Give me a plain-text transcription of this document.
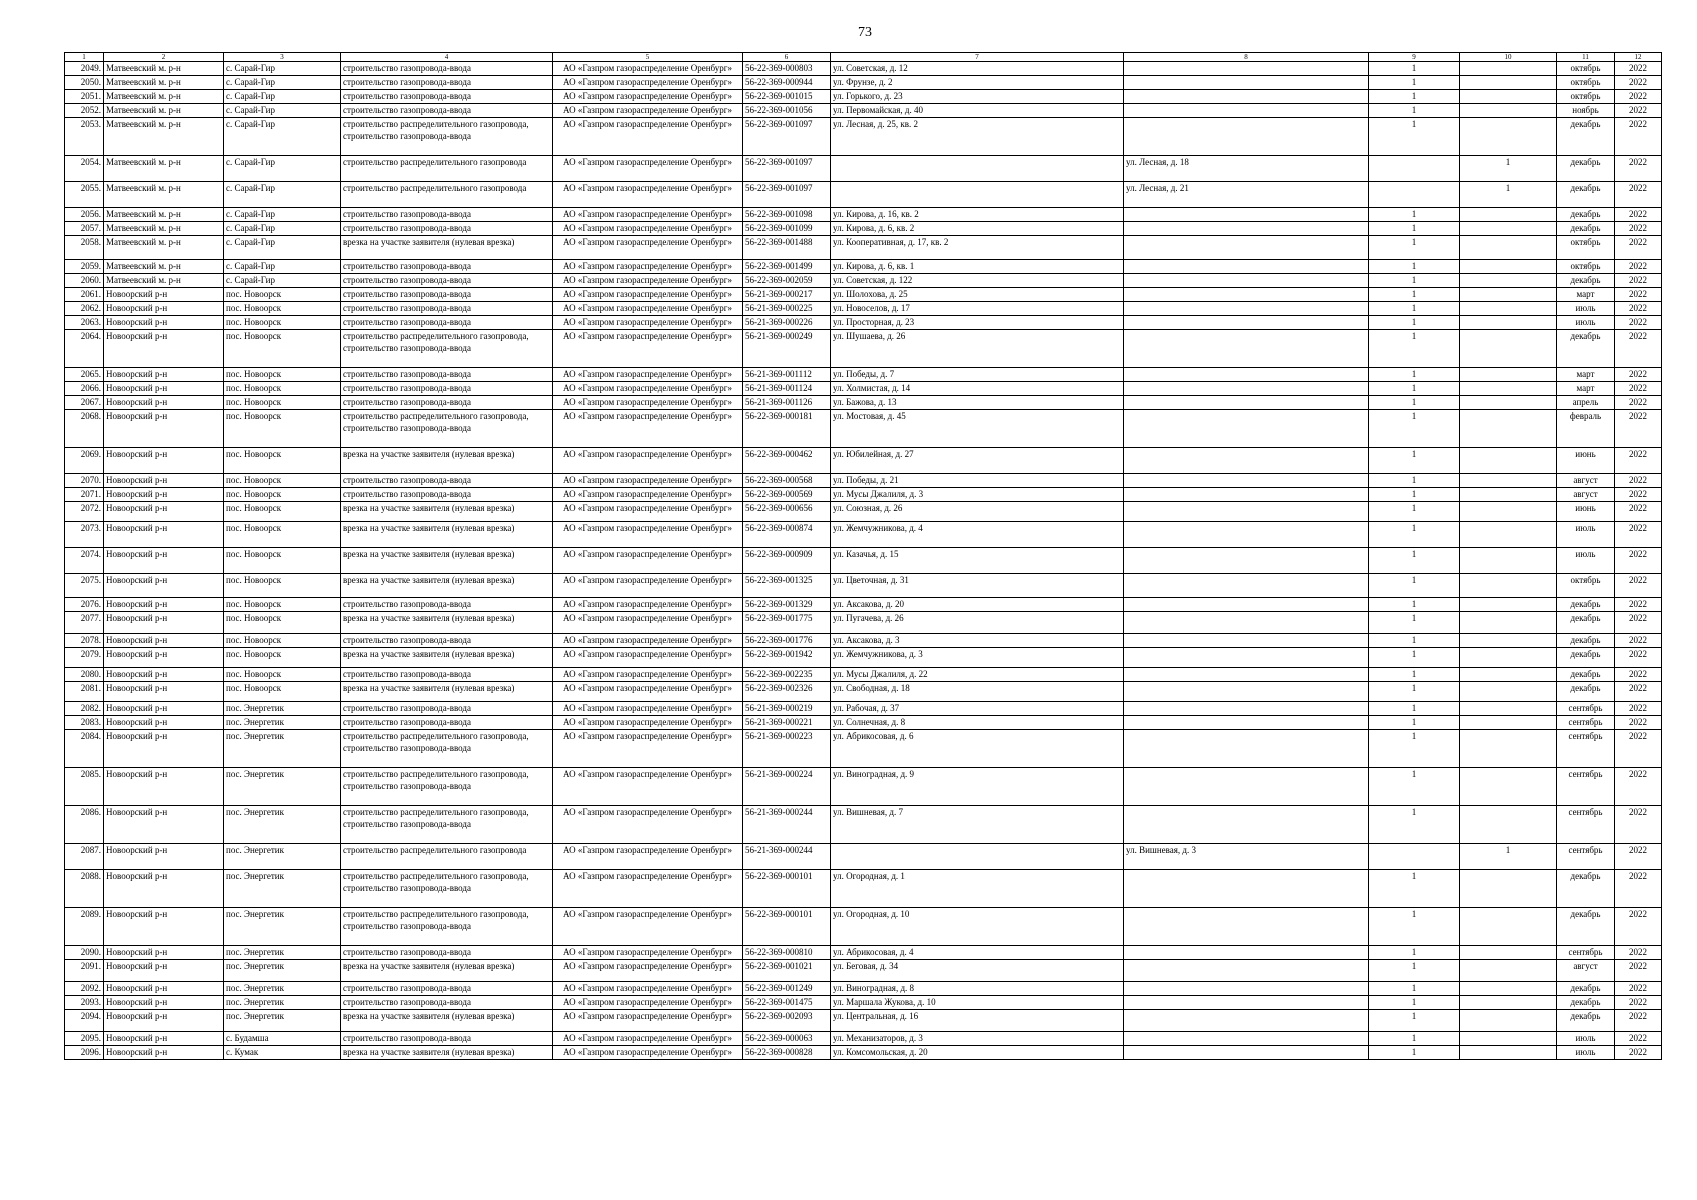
73
1	2	3	4	5	6	7	8	9	10	11	12
2049.	Матвеевский м. р-н	с. Сарай-Гир	строительство газопровода-ввода	АО «Газпром газораспределение Оренбург»	56-22-369-000803	ул. Советская, д. 12		1		октябрь	2022
2050.	Матвеевский м. р-н	с. Сарай-Гир	строительство газопровода-ввода	АО «Газпром газораспределение Оренбург»	56-22-369-000944	ул. Фрунзе, д. 2		1		октябрь	2022
2051.	Матвеевский м. р-н	с. Сарай-Гир	строительство газопровода-ввода	АО «Газпром газораспределение Оренбург»	56-22-369-001015	ул. Горького, д. 23		1		октябрь	2022
2052.	Матвеевский м. р-н	с. Сарай-Гир	строительство газопровода-ввода	АО «Газпром газораспределение Оренбург»	56-22-369-001056	ул. Первомайская, д. 40		1		ноябрь	2022
2053.	Матвеевский м. р-н	с. Сарай-Гир	строительство распределительного газопровода, строительство газопровода-ввода	АО «Газпром газораспределение Оренбург»	56-22-369-001097	ул. Лесная, д. 25, кв. 2		1		декабрь	2022
2054.	Матвеевский м. р-н	с. Сарай-Гир	строительство распределительного газопровода	АО «Газпром газораспределение Оренбург»	56-22-369-001097		ул. Лесная, д. 18		1	декабрь	2022
2055.	Матвеевский м. р-н	с. Сарай-Гир	строительство распределительного газопровода	АО «Газпром газораспределение Оренбург»	56-22-369-001097		ул. Лесная, д. 21		1	декабрь	2022
2056.	Матвеевский м. р-н	с. Сарай-Гир	строительство газопровода-ввода	АО «Газпром газораспределение Оренбург»	56-22-369-001098	ул. Кирова, д. 16, кв. 2		1		декабрь	2022
2057.	Матвеевский м. р-н	с. Сарай-Гир	строительство газопровода-ввода	АО «Газпром газораспределение Оренбург»	56-22-369-001099	ул. Кирова, д. 6, кв. 2		1		декабрь	2022
2058.	Матвеевский м. р-н	с. Сарай-Гир	врезка на участке заявителя (нулевая врезка)	АО «Газпром газораспределение Оренбург»	56-22-369-001488	ул. Кооперативная, д. 17, кв. 2		1		октябрь	2022
2059.	Матвеевский м. р-н	с. Сарай-Гир	строительство газопровода-ввода	АО «Газпром газораспределение Оренбург»	56-22-369-001499	ул. Кирова, д. 6, кв. 1		1		октябрь	2022
2060.	Матвеевский м. р-н	с. Сарай-Гир	строительство газопровода-ввода	АО «Газпром газораспределение Оренбург»	56-22-369-002059	ул. Советская, д. 122		1		декабрь	2022
2061.	Новоорский р-н	пос. Новоорск	строительство газопровода-ввода	АО «Газпром газораспределение Оренбург»	56-21-369-000217	ул. Шолохова, д. 25		1		март	2022
2062.	Новоорский р-н	пос. Новоорск	строительство газопровода-ввода	АО «Газпром газораспределение Оренбург»	56-21-369-000225	ул. Новоселов, д. 17		1		июль	2022
2063.	Новоорский р-н	пос. Новоорск	строительство газопровода-ввода	АО «Газпром газораспределение Оренбург»	56-21-369-000226	ул. Просторная, д. 23		1		июль	2022
2064.	Новоорский р-н	пос. Новоорск	строительство распределительного газопровода, строительство газопровода-ввода	АО «Газпром газораспределение Оренбург»	56-21-369-000249	ул. Шушаева, д. 26		1		декабрь	2022
2065.	Новоорский р-н	пос. Новоорск	строительство газопровода-ввода	АО «Газпром газораспределение Оренбург»	56-21-369-001112	ул. Победы, д. 7		1		март	2022
2066.	Новоорский р-н	пос. Новоорск	строительство газопровода-ввода	АО «Газпром газораспределение Оренбург»	56-21-369-001124	ул. Холмистая, д. 14		1		март	2022
2067.	Новоорский р-н	пос. Новоорск	строительство газопровода-ввода	АО «Газпром газораспределение Оренбург»	56-21-369-001126	ул. Бажова, д. 13		1		апрель	2022
2068.	Новоорский р-н	пос. Новоорск	строительство распределительного газопровода, строительство газопровода-ввода	АО «Газпром газораспределение Оренбург»	56-22-369-000181	ул. Мостовая, д. 45		1		февраль	2022
2069.	Новоорский р-н	пос. Новоорск	врезка на участке заявителя (нулевая врезка)	АО «Газпром газораспределение Оренбург»	56-22-369-000462	ул. Юбилейная, д. 27		1		июнь	2022
2070.	Новоорский р-н	пос. Новоорск	строительство газопровода-ввода	АО «Газпром газораспределение Оренбург»	56-22-369-000568	ул. Победы, д. 21		1		август	2022
2071.	Новоорский р-н	пос. Новоорск	строительство газопровода-ввода	АО «Газпром газораспределение Оренбург»	56-22-369-000569	ул. Мусы Джалиля, д. 3		1		август	2022
2072.	Новоорский р-н	пос. Новоорск	врезка на участке заявителя (нулевая врезка)	АО «Газпром газораспределение Оренбург»	56-22-369-000656	ул. Союзная, д. 26		1		июнь	2022
2073.	Новоорский р-н	пос. Новоорск	врезка на участке заявителя (нулевая врезка)	АО «Газпром газораспределение Оренбург»	56-22-369-000874	ул. Жемчужникова, д. 4		1		июль	2022
2074.	Новоорский р-н	пос. Новоорск	врезка на участке заявителя (нулевая врезка)	АО «Газпром газораспределение Оренбург»	56-22-369-000909	ул. Казачья, д. 15		1		июль	2022
2075.	Новоорский р-н	пос. Новоорск	врезка на участке заявителя (нулевая врезка)	АО «Газпром газораспределение Оренбург»	56-22-369-001325	ул. Цветочная, д. 31		1		октябрь	2022
2076.	Новоорский р-н	пос. Новоорск	строительство газопровода-ввода	АО «Газпром газораспределение Оренбург»	56-22-369-001329	ул. Аксакова, д. 20		1		декабрь	2022
2077.	Новоорский р-н	пос. Новоорск	врезка на участке заявителя (нулевая врезка)	АО «Газпром газораспределение Оренбург»	56-22-369-001775	ул. Пугачева, д. 26		1		декабрь	2022
2078.	Новоорский р-н	пос. Новоорск	строительство газопровода-ввода	АО «Газпром газораспределение Оренбург»	56-22-369-001776	ул. Аксакова, д. 3		1		декабрь	2022
2079.	Новоорский р-н	пос. Новоорск	врезка на участке заявителя (нулевая врезка)	АО «Газпром газораспределение Оренбург»	56-22-369-001942	ул. Жемчужникова, д. 3		1		декабрь	2022
2080.	Новоорский р-н	пос. Новоорск	строительство газопровода-ввода	АО «Газпром газораспределение Оренбург»	56-22-369-002235	ул. Мусы Джалиля, д. 22		1		декабрь	2022
2081.	Новоорский р-н	пос. Новоорск	врезка на участке заявителя (нулевая врезка)	АО «Газпром газораспределение Оренбург»	56-22-369-002326	ул. Свободная, д. 18		1		декабрь	2022
2082.	Новоорский р-н	пос. Энергетик	строительство газопровода-ввода	АО «Газпром газораспределение Оренбург»	56-21-369-000219	ул. Рабочая, д. 37		1		сентябрь	2022
2083.	Новоорский р-н	пос. Энергетик	строительство газопровода-ввода	АО «Газпром газораспределение Оренбург»	56-21-369-000221	ул. Солнечная, д. 8		1		сентябрь	2022
2084.	Новоорский р-н	пос. Энергетик	строительство распределительного газопровода, строительство газопровода-ввода	АО «Газпром газораспределение Оренбург»	56-21-369-000223	ул. Абрикосовая, д. 6		1		сентябрь	2022
2085.	Новоорский р-н	пос. Энергетик	строительство распределительного газопровода, строительство газопровода-ввода	АО «Газпром газораспределение Оренбург»	56-21-369-000224	ул. Виноградная, д. 9		1		сентябрь	2022
2086.	Новоорский р-н	пос. Энергетик	строительство распределительного газопровода, строительство газопровода-ввода	АО «Газпром газораспределение Оренбург»	56-21-369-000244	ул. Вишневая, д. 7		1		сентябрь	2022
2087.	Новоорский р-н	пос. Энергетик	строительство распределительного газопровода	АО «Газпром газораспределение Оренбург»	56-21-369-000244		ул. Вишневая, д. 3		1	сентябрь	2022
2088.	Новоорский р-н	пос. Энергетик	строительство распределительного газопровода, строительство газопровода-ввода	АО «Газпром газораспределение Оренбург»	56-22-369-000101	ул. Огородная, д. 1		1		декабрь	2022
2089.	Новоорский р-н	пос. Энергетик	строительство распределительного газопровода, строительство газопровода-ввода	АО «Газпром газораспределение Оренбург»	56-22-369-000101	ул. Огородная, д. 10		1		декабрь	2022
2090.	Новоорский р-н	пос. Энергетик	строительство газопровода-ввода	АО «Газпром газораспределение Оренбург»	56-22-369-000810	ул. Абрикосовая, д. 4		1		сентябрь	2022
2091.	Новоорский р-н	пос. Энергетик	врезка на участке заявителя (нулевая врезка)	АО «Газпром газораспределение Оренбург»	56-22-369-001021	ул. Беговая, д. 34		1		август	2022
2092.	Новоорский р-н	пос. Энергетик	строительство газопровода-ввода	АО «Газпром газораспределение Оренбург»	56-22-369-001249	ул. Виноградная, д. 8		1		декабрь	2022
2093.	Новоорский р-н	пос. Энергетик	строительство газопровода-ввода	АО «Газпром газораспределение Оренбург»	56-22-369-001475	ул. Маршала Жукова, д. 10		1		декабрь	2022
2094.	Новоорский р-н	пос. Энергетик	врезка на участке заявителя (нулевая врезка)	АО «Газпром газораспределение Оренбург»	56-22-369-002093	ул. Центральная, д. 16		1		декабрь	2022
2095.	Новоорский р-н	с. Будамша	строительство газопровода-ввода	АО «Газпром газораспределение Оренбург»	56-22-369-000063	ул. Механизаторов, д. 3		1		июль	2022
2096.	Новоорский р-н	с. Кумак	врезка на участке заявителя (нулевая врезка)	АО «Газпром газораспределение Оренбург»	56-22-369-000828	ул. Комсомольская, д. 20		1		июль	2022
